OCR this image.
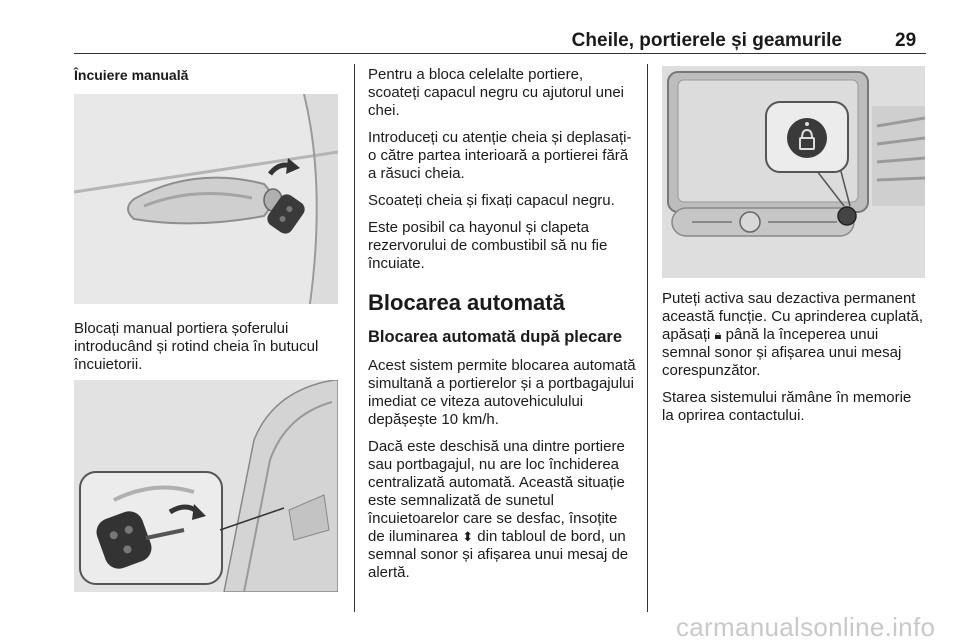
Cheile, portierele și geamurile	29
Încuiere manuală

Blocați manual portiera șoferului introducând și rotind cheia în butucul încuietorii.

Pentru a bloca celelalte portiere, scoateți capacul negru cu ajutorul unei chei.

Introduceți cu atenție cheia și deplasați-o către partea interioară a portierei fără a răsuci cheia.

Scoateți cheia și fixați capacul negru.

Este posibil ca hayonul și clapeta rezervorului de combustibil să nu fie încuiate.

Blocarea automată
Blocarea automată după plecare

Acest sistem permite blocarea automată simultană a portierelor și a portbagajului imediat ce viteza autovehiculului depășește 10 km/h.

Dacă este deschisă una dintre portiere sau portbagajul, nu are loc închiderea centralizată automată. Această situație este semnalizată de sunetul încuietoarelor care se desfac, însoțite de iluminarea ⬍ din tabloul de bord, un semnal sonor și afișarea unui mesaj de alertă.

Puteți activa sau dezactiva permanent această funcție. Cu aprinderea cuplată, apăsați 🔒︎ până la începerea unui semnal sonor și afișarea unui mesaj corespunzător.

Starea sistemului rămâne în memorie la oprirea contactului.

carmanualsonline.info
